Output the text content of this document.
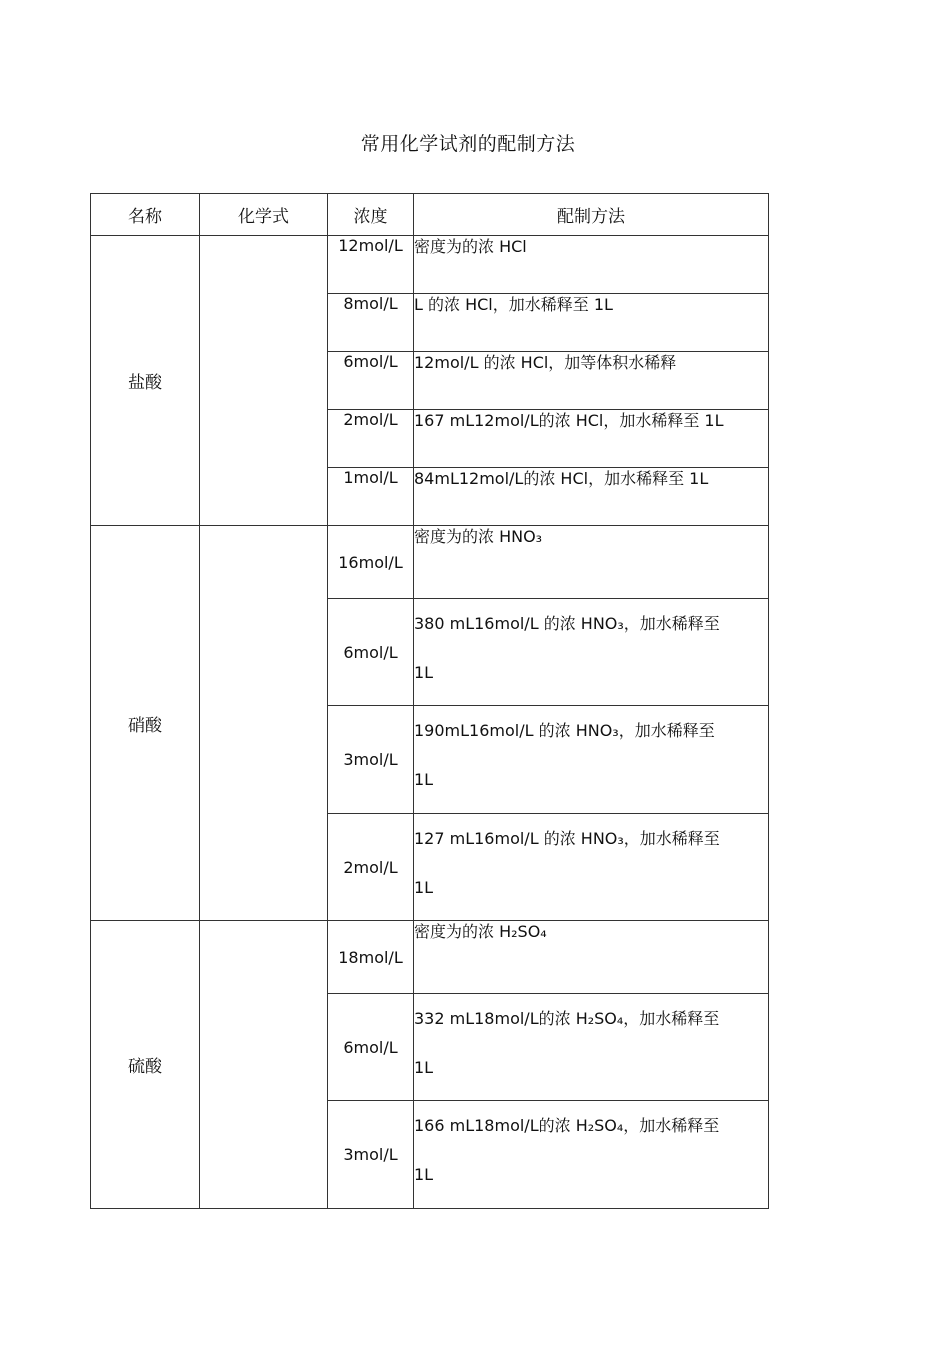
常用化学试剂的配制方法
名称	化学式	浓度	配制方法
盐酸		12mol/L	密度为的浓 HCl

		8mol/L	L 的浓 HCl，加水稀释至 1L

		6mol/L	12mol/L 的浓 HCl，加等体积水稀释

		2mol/L	167 mL12mol/L的浓 HCl，加水稀释至 1L

		1mol/L	84mL12mol/L的浓 HCl，加水稀释至 1L

硝酸		16mol/L	密度为的浓 HNO₃

		6mol/L	380 mL16mol/L 的浓 HNO₃，加水稀释至
1L

		3mol/L	190mL16mol/L 的浓 HNO₃，加水稀释至
1L

		2mol/L	127 mL16mol/L 的浓 HNO₃，加水稀释至
1L

硫酸		18mol/L	密度为的浓 H₂SO₄

		6mol/L	332 mL18mol/L的浓 H₂SO₄，加水稀释至
1L

		3mol/L	166 mL18mol/L的浓 H₂SO₄，加水稀释至
1L
